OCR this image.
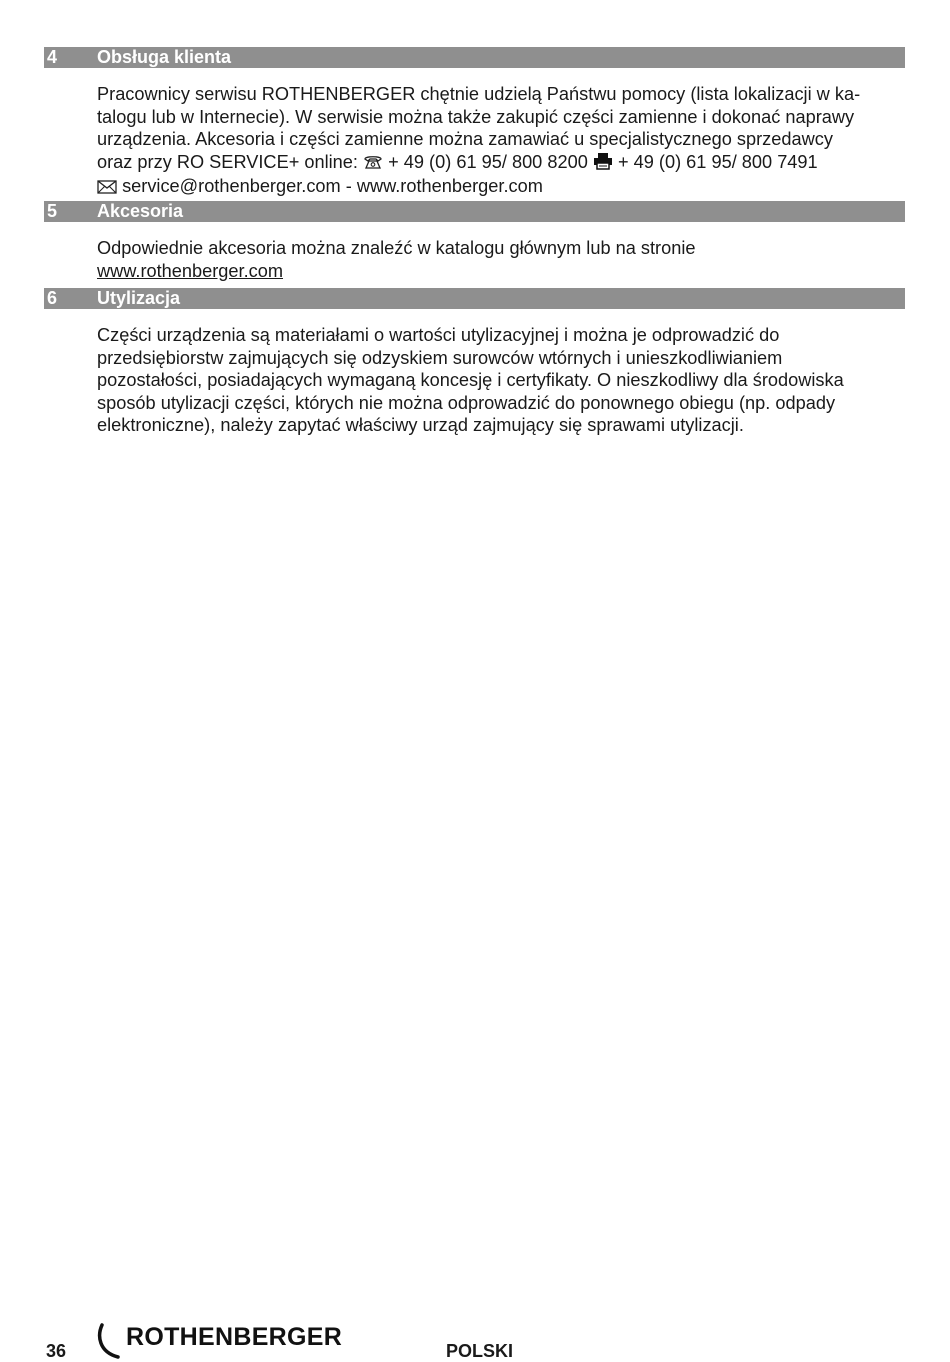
4 Obsługa klienta
Pracownicy serwisu ROTHENBERGER chętnie udzielą Państwu pomocy (lista lokalizacji w ka-
talogu lub w Internecie). W serwisie można także zakupić części zamienne i dokonać naprawy
urządzenia. Akcesoria i części zamienne można zamawiać u specjalistycznego sprzedawcy
oraz przy RO SERVICE+ online: + 49 (0) 61 95/ 800 8200 + 49 (0) 61 95/ 800 7491
service@rothenberger.com - www.rothenberger.com
5 Akcesoria
Odpowiednie akcesoria można znaleźć w katalogu głównym lub na stronie
www.rothenberger.com
6 Utylizacja
Części urządzenia są materiałami o wartości utylizacyjnej i można je odprowadzić do
przedsiębiorstw zajmujących się odzyskiem surowców wtórnych i unieszkodliwianiem
pozostałości, posiadających wymaganą koncesję i certyfikaty. O nieszkodliwy dla środowiska
sposób utylizacji części, których nie można odprowadzić do ponownego obiegu (np. odpady
elektroniczne), należy zapytać właściwy urząd zajmujący się sprawami utylizacji.
36 ROTHENBERGER	POLSKI
